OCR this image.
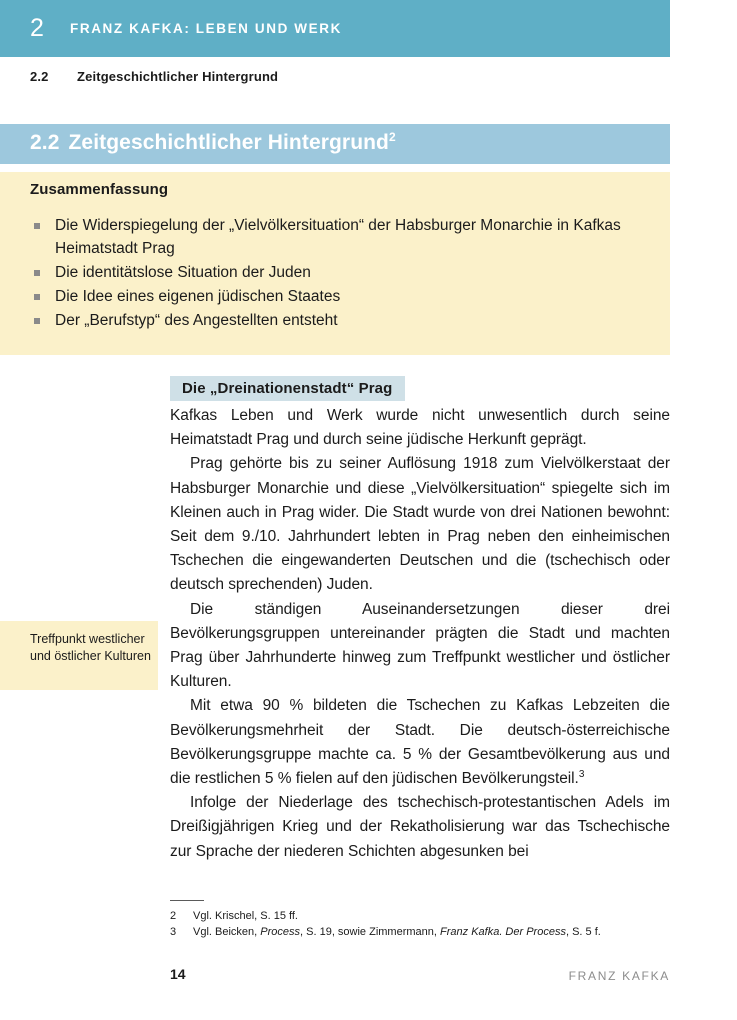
2 FRANZ KAFKA: LEBEN UND WERK
2.2 Zeitgeschichtlicher Hintergrund
2.2 Zeitgeschichtlicher Hintergrund$^2$
Zusammenfassung
Die Widerspiegelung der „Vielvölkersituation“ der Habsburger Monarchie in Kafkas Heimatstadt Prag
Die identitätslose Situation der Juden
Die Idee eines eigenen jüdischen Staates
Der „Berufstyp“ des Angestellten entsteht
Die „Dreinationenstadt“ Prag

Kafkas Leben und Werk wurde nicht unwesentlich durch seine Heimatstadt Prag und durch seine jüdische Herkunft geprägt.

Prag gehörte bis zu seiner Auflösung 1918 zum Vielvölkerstaat der Habsburger Monarchie und diese „Vielvölkersituation“ spiegelte sich im Kleinen auch in Prag wider. Die Stadt wurde von drei Nationen bewohnt: Seit dem 9./10. Jahrhundert lebten in Prag neben den einheimischen Tschechen die eingewanderten Deutschen und die (tschechisch oder deutsch sprechenden) Juden.

Die ständigen Auseinandersetzungen dieser drei Bevölkerungsgruppen untereinander prägten die Stadt und machten Prag über Jahrhunderte hinweg zum Treffpunkt westlicher und östlicher Kulturen.

Mit etwa 90 % bildeten die Tschechen zu Kafkas Lebzeiten die Bevölkerungsmehrheit der Stadt. Die deutsch-österreichische Bevölkerungsgruppe machte ca. 5 % der Gesamtbevölkerung aus und die restlichen 5 % fielen auf den jüdischen Bevölkerungsteil.$^3$

Infolge der Niederlage des tschechisch-protestantischen Adels im Dreißigjährigen Krieg und der Rekatholisierung war das Tschechische zur Sprache der niederen Schichten abgesunken bei

Treffpunkt westlicher und östlicher Kulturen
2 Vgl. Krischel, S. 15 ff.
3 Vgl. Beicken, Process, S. 19, sowie Zimmermann, Franz Kafka. Der Process, S. 5 f.
14	FRANZ KAFKA
